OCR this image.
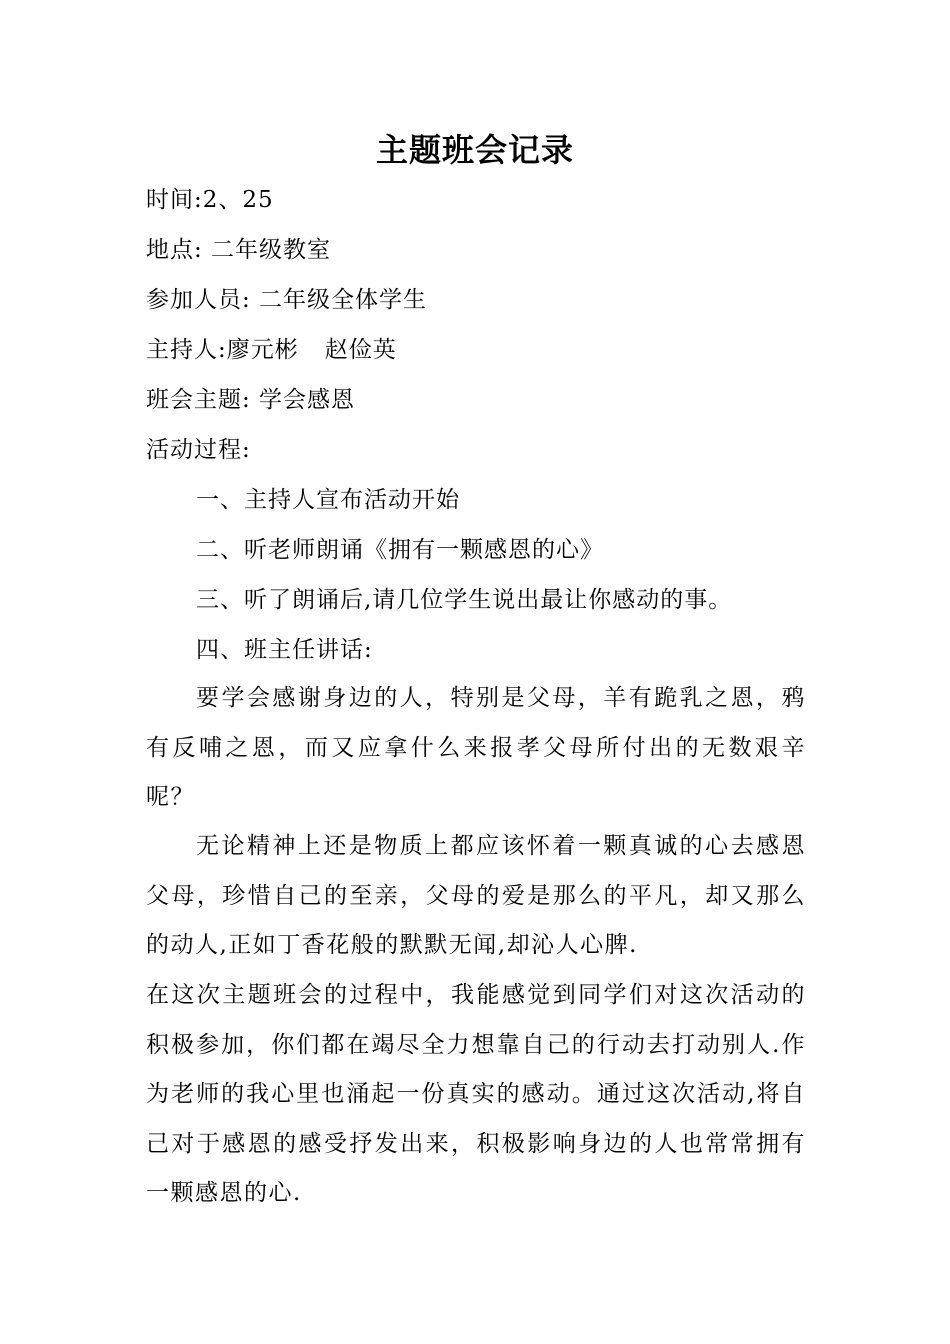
主题班会记录
时间:2、25
地点: 二年级教室
参加人员: 二年级全体学生
主持人:廖元彬 赵俭英
班会主题: 学会感恩
活动过程:
一、主持人宣布活动开始
二、听老师朗诵《拥有一颗感恩的心》
三、听了朗诵后,请几位学生说出最让你感动的事。
四、班主任讲话:
要学会感谢身边的人，特别是父母，羊有跪乳之恩，鸦有反哺之恩，而又应拿什么来报孝父母所付出的无数艰辛呢？
无论精神上还是物质上都应该怀着一颗真诚的心去感恩父母，珍惜自己的至亲，父母的爱是那么的平凡，却又那么的动人,正如丁香花般的默默无闻,却沁人心脾.
在这次主题班会的过程中，我能感觉到同学们对这次活动的积极参加，你们都在竭尽全力想靠自己的行动去打动别人.作为老师的我心里也涌起一份真实的感动。通过这次活动,将自己对于感恩的感受抒发出来，积极影响身边的人也常常拥有一颗感恩的心.
